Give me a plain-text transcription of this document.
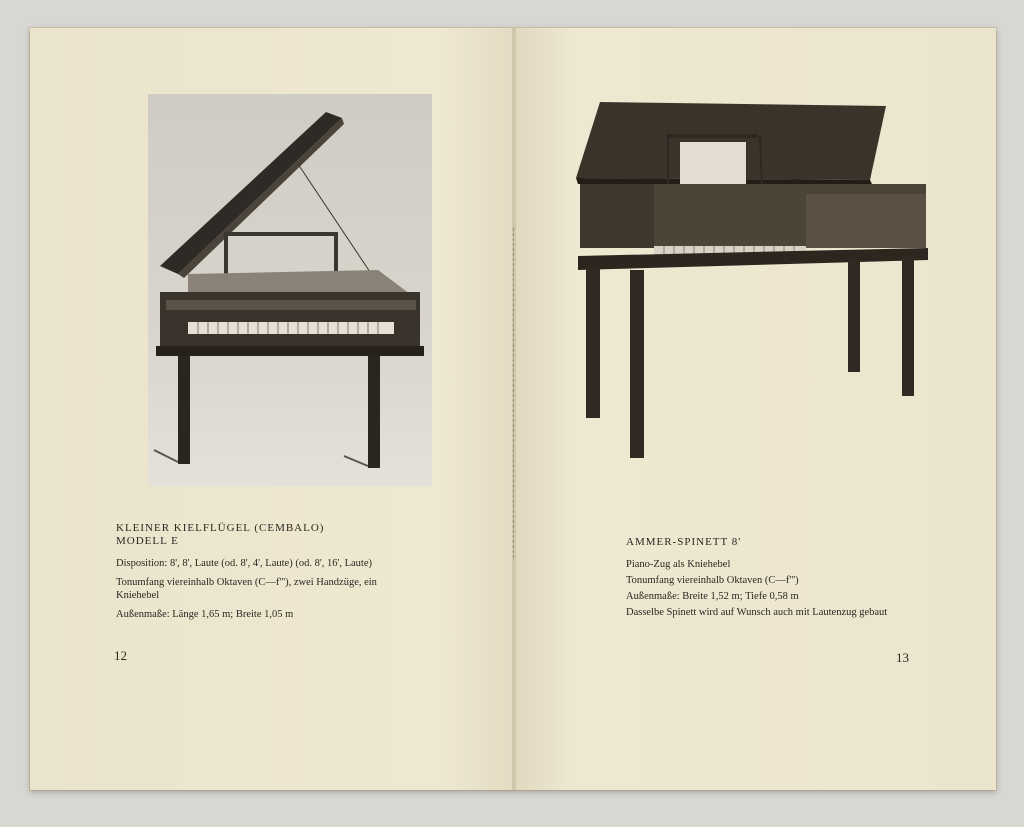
KLEINER KIELFLÜGEL (CEMBALO)
MODELL E

Disposition: 8', 8', Laute (od. 8', 4', Laute) (od. 8', 16', Laute)

Tonumfang viereinhalb Oktaven (C—f'''), zwei Handzüge, ein Kniehebel

Außenmaße: Länge 1,65 m; Breite 1,05 m

12
AMMER-SPINETT 8'

Piano-Zug als Kniehebel

Tonumfang viereinhalb Oktaven (C—f''')

Außenmaße: Breite 1,52 m; Tiefe 0,58 m

Dasselbe Spinett wird auf Wunsch auch mit Lautenzug gebaut

13
